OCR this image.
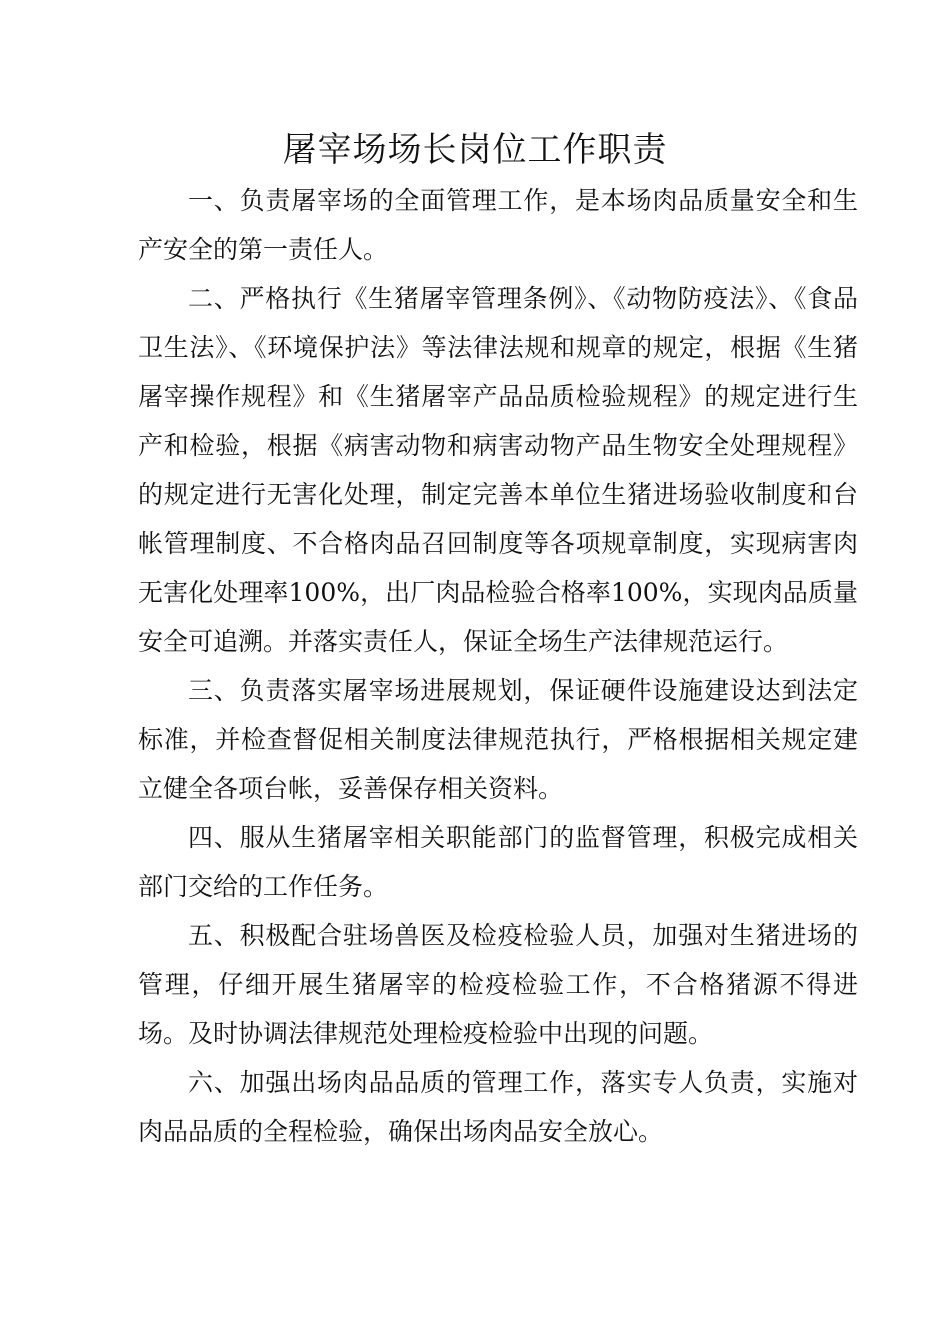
屠宰场场长岗位工作职责

一、负责屠宰场的全面管理工作，是本场肉品质量安全和生产安全的第一责任人。

二、严格执行《生猪屠宰管理条例》、《动物防疫法》、《食品卫生法》、《环境保护法》等法律法规和规章的规定，根据《生猪屠宰操作规程》和《生猪屠宰产品品质检验规程》的规定进行生产和检验，根据《病害动物和病害动物产品生物安全处理规程》的规定进行无害化处理，制定完善本单位生猪进场验收制度和台帐管理制度、不合格肉品召回制度等各项规章制度，实现病害肉无害化处理率100%，出厂肉品检验合格率100%，实现肉品质量安全可追溯。并落实责任人，保证全场生产法律规范运行。

三、负责落实屠宰场进展规划，保证硬件设施建设达到法定标准，并检查督促相关制度法律规范执行，严格根据相关规定建立健全各项台帐，妥善保存相关资料。

四、服从生猪屠宰相关职能部门的监督管理，积极完成相关部门交给的工作任务。

五、积极配合驻场兽医及检疫检验人员，加强对生猪进场的管理，仔细开展生猪屠宰的检疫检验工作，不合格猪源不得进场。及时协调法律规范处理检疫检验中出现的问题。

六、加强出场肉品品质的管理工作，落实专人负责，实施对肉品品质的全程检验，确保出场肉品安全放心。
